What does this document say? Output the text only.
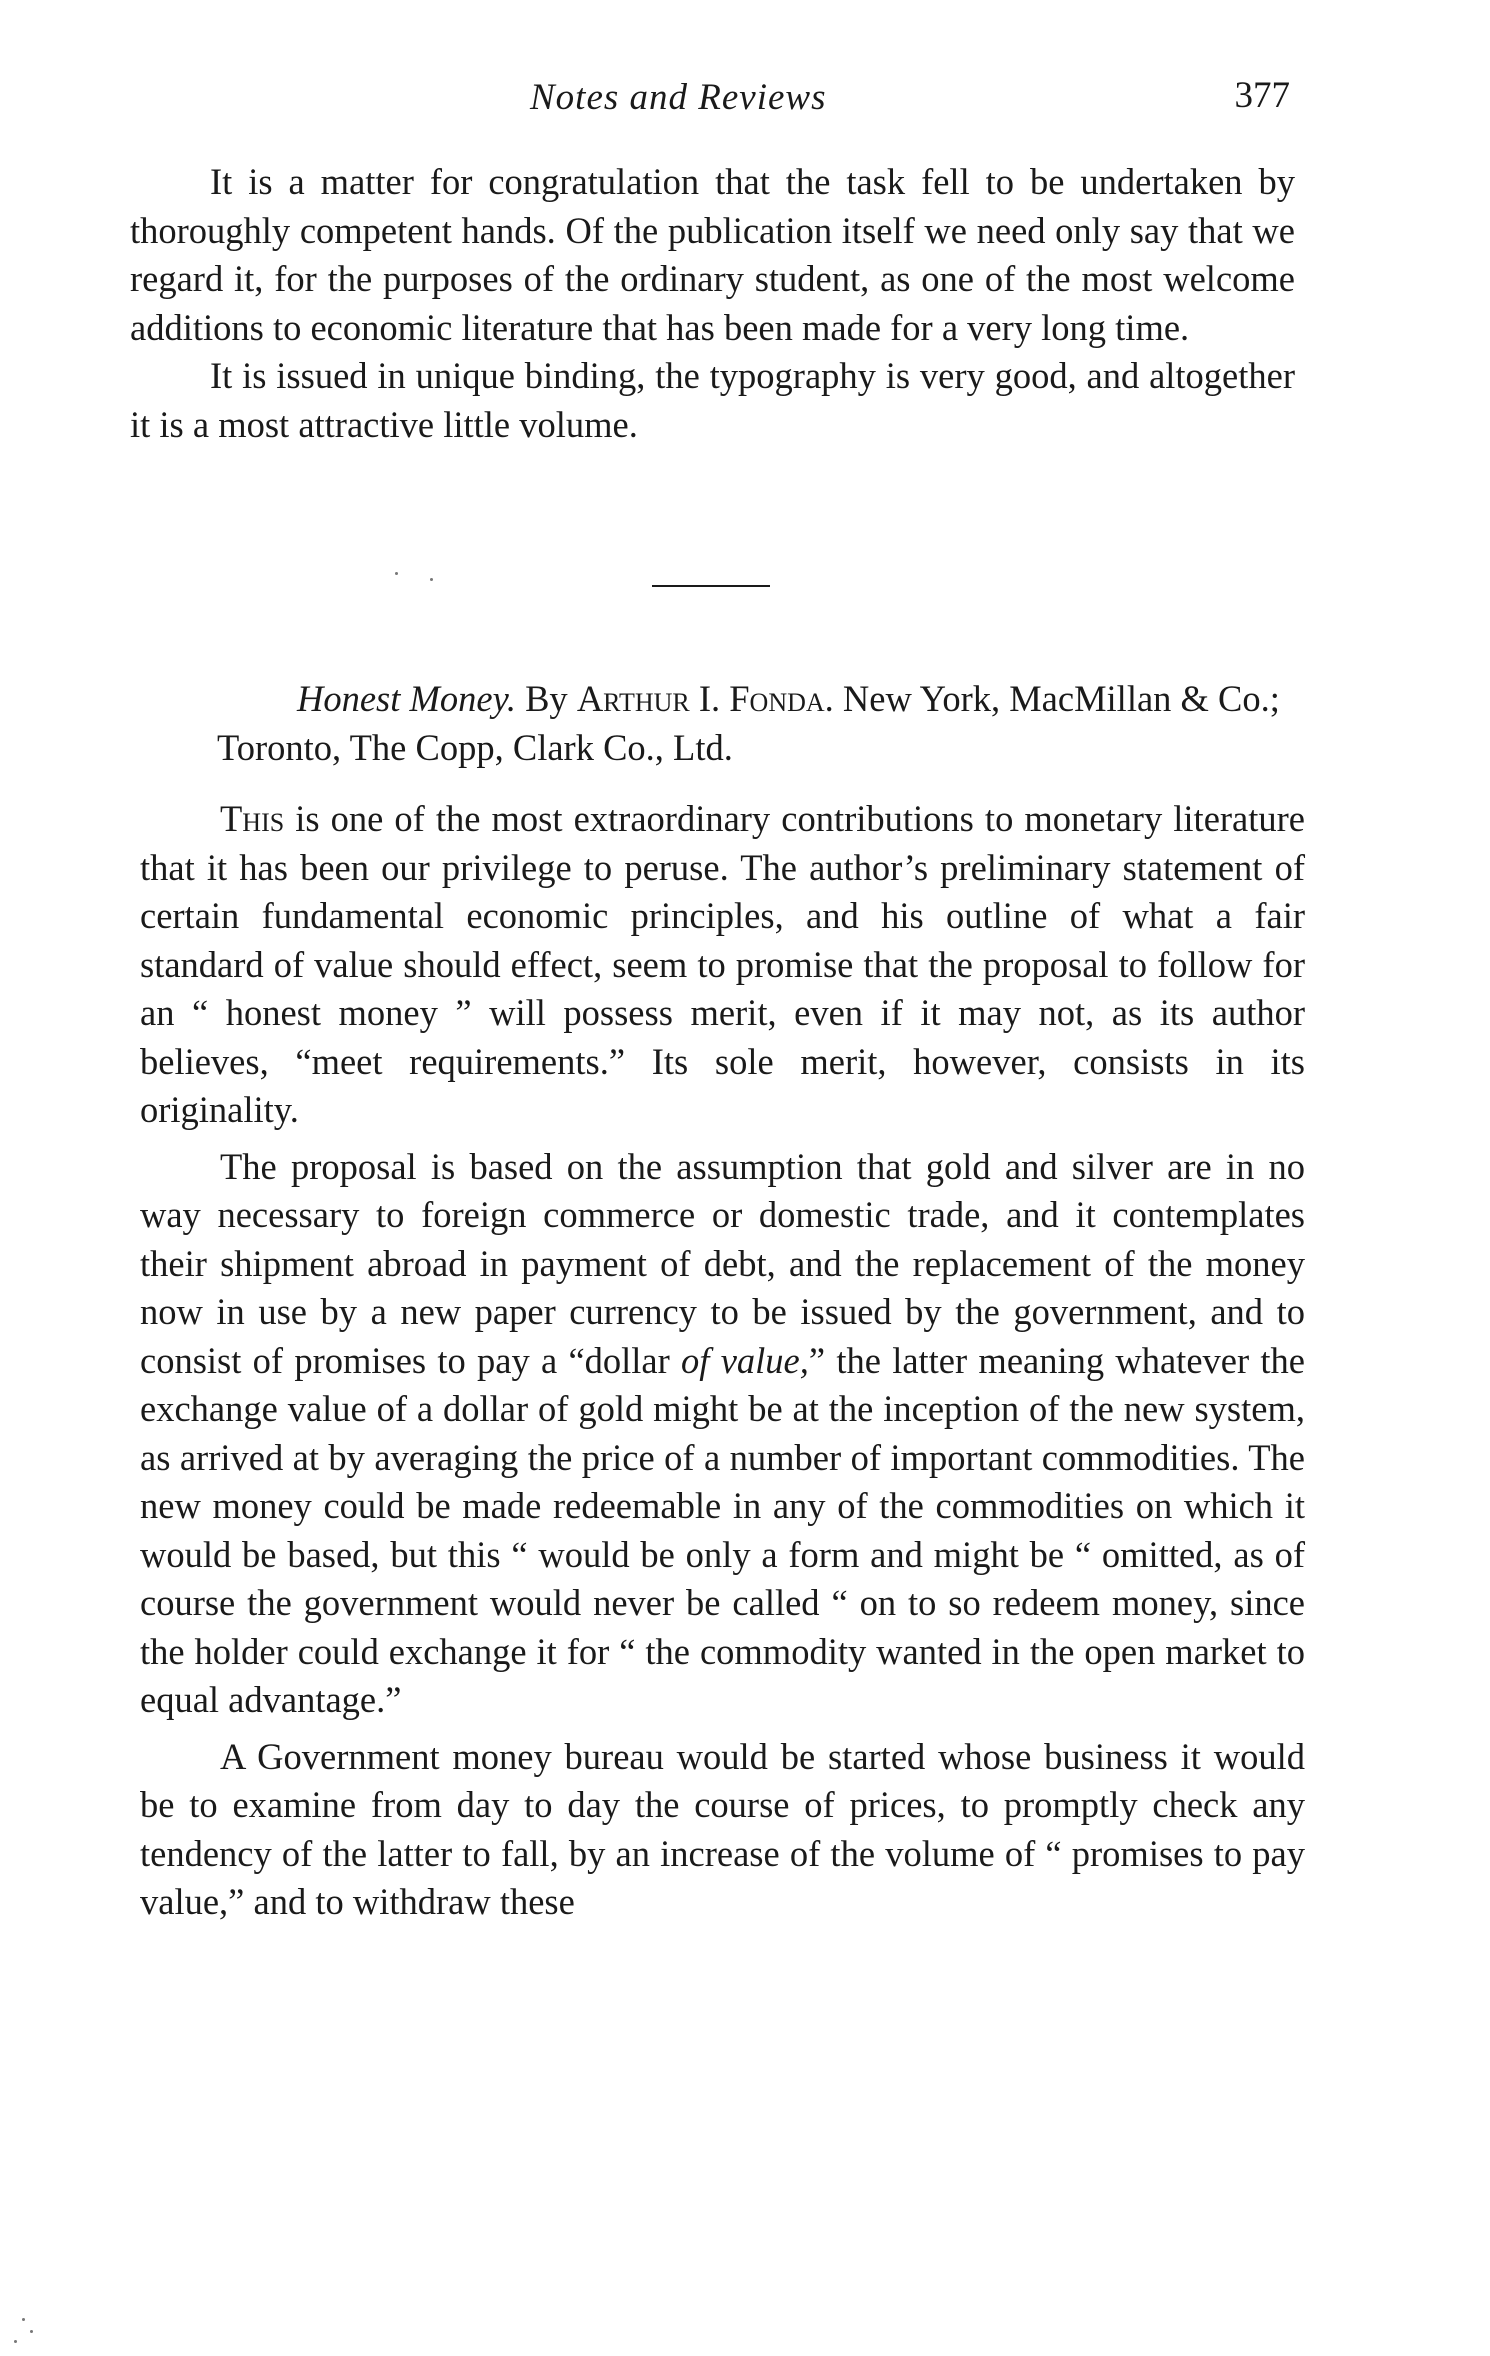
Notes and Reviews	377

It is a matter for congratulation that the task fell to be undertaken by thoroughly competent hands. Of the publication itself we need only say that we regard it, for the purposes of the ordinary student, as one of the most welcome additions to economic literature that has been made for a very long time.

It is issued in unique binding, the typography is very good, and altogether it is a most attractive little volume.

Honest Money. By Arthur I. Fonda. New York, MacMillan & Co.; Toronto, The Copp, Clark Co., Ltd.

This is one of the most extraordinary contributions to monetary literature that it has been our privilege to peruse. The author’s preliminary statement of certain fundamental economic principles, and his outline of what a fair standard of value should effect, seem to promise that the proposal to follow for an “ honest money ” will possess merit, even if it may not, as its author believes, “meet requirements.” Its sole merit, however, consists in its originality.

The proposal is based on the assumption that gold and silver are in no way necessary to foreign commerce or domestic trade, and it contemplates their shipment abroad in payment of debt, and the replacement of the money now in use by a new paper currency to be issued by the government, and to consist of promises to pay a “dollar of value,” the latter meaning whatever the exchange value of a dollar of gold might be at the inception of the new system, as arrived at by averaging the price of a number of important commodities. The new money could be made redeemable in any of the commodities on which it would be based, but this “ would be only a form and might be “ omitted, as of course the government would never be called “ on to so redeem money, since the holder could exchange it for “ the commodity wanted in the open market to equal advantage.”

A Government money bureau would be started whose business it would be to examine from day to day the course of prices, to promptly check any tendency of the latter to fall, by an increase of the volume of “ promises to pay value,” and to withdraw these
